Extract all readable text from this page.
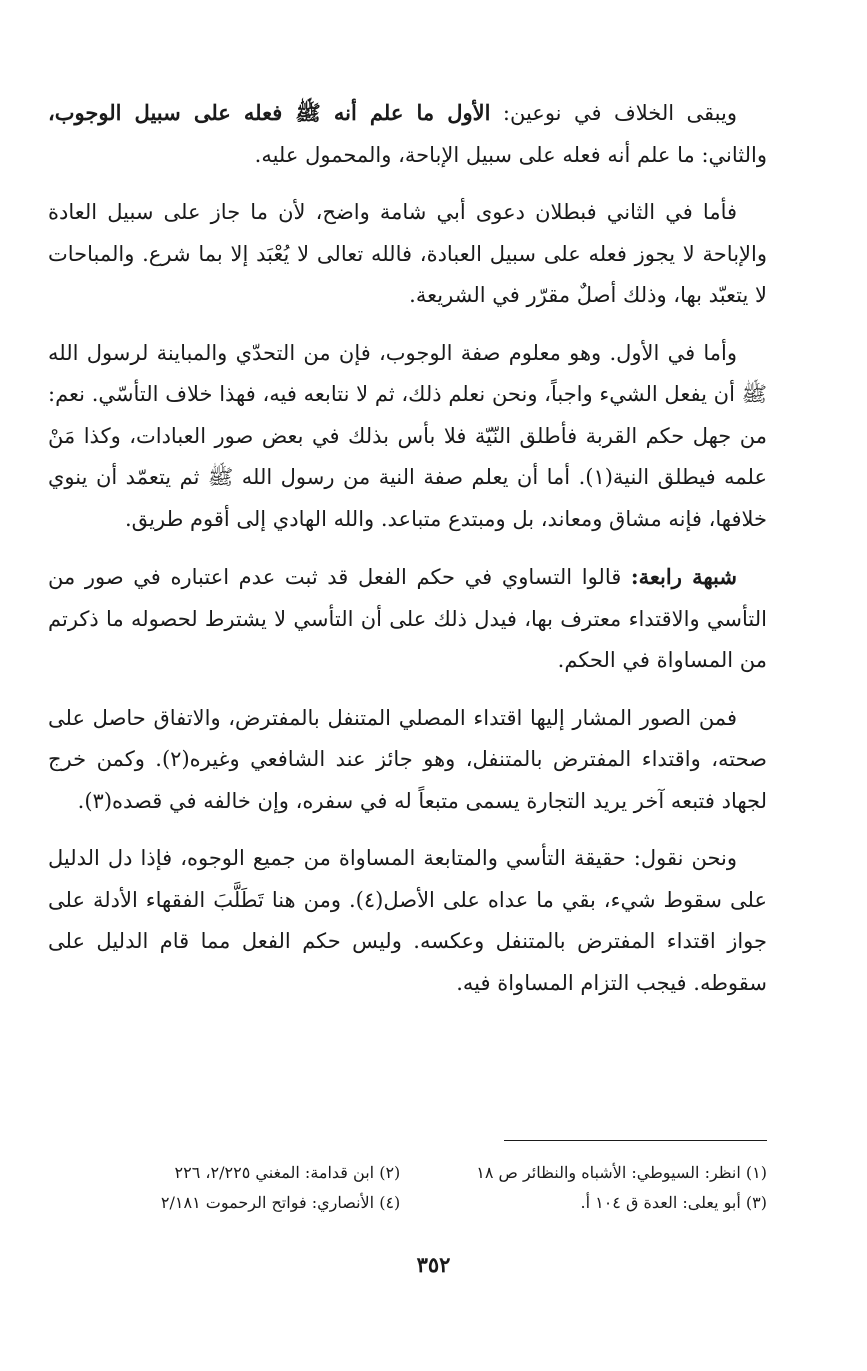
ويبقى الخلاف في نوعين: الأول ما علم أنه ﷺ فعله على سبيل الوجوب، والثاني: ما علم أنه فعله على سبيل الإباحة، والمحمول عليه.

فأما في الثاني فبطلان دعوى أبي شامة واضح، لأن ما جاز على سبيل العادة والإباحة لا يجوز فعله على سبيل العبادة، فالله تعالى لا يُعْبَد إلا بما شرع. والمباحات لا يتعبّد بها، وذلك أصلٌ مقرّر في الشريعة.

وأما في الأول. وهو معلوم صفة الوجوب، فإن من التحدّي والمباينة لرسول الله ﷺ أن يفعل الشيء واجباً، ونحن نعلم ذلك، ثم لا نتابعه فيه، فهذا خلاف التأسّي. نعم: من جهل حكم القربة فأطلق النّيّة فلا بأس بذلك في بعض صور العبادات، وكذا مَنْ علمه فيطلق النية(١). أما أن يعلم صفة النية من رسول الله ﷺ ثم يتعمّد أن ينوي خلافها، فإنه مشاق ومعاند، بل ومبتدع متباعد. والله الهادي إلى أقوم طريق.

شبهة رابعة: قالوا التساوي في حكم الفعل قد ثبت عدم اعتباره في صور من التأسي والاقتداء معترف بها، فيدل ذلك على أن التأسي لا يشترط لحصوله ما ذكرتم من المساواة في الحكم.

فمن الصور المشار إليها اقتداء المصلي المتنفل بالمفترض، والاتفاق حاصل على صحته، واقتداء المفترض بالمتنفل، وهو جائز عند الشافعي وغيره(٢). وكمن خرج لجهاد فتبعه آخر يريد التجارة يسمى متبعاً له في سفره، وإن خالفه في قصده(٣).

ونحن نقول: حقيقة التأسي والمتابعة المساواة من جميع الوجوه، فإذا دل الدليل على سقوط شيء، بقي ما عداه على الأصل(٤). ومن هنا تَطَلَّبَ الفقهاء الأدلة على جواز اقتداء المفترض بالمتنفل وعكسه. وليس حكم الفعل مما قام الدليل على سقوطه. فيجب التزام المساواة فيه.

(١) انظر: السيوطي: الأشباه والنظائر ص ١٨
(٢) ابن قدامة: المغني ٢/٢٢٥، ٢٢٦
(٣) أبو يعلى: العدة ق ١٠٤ أ.
(٤) الأنصاري: فواتح الرحموت ٢/١٨١
٣٥٢
